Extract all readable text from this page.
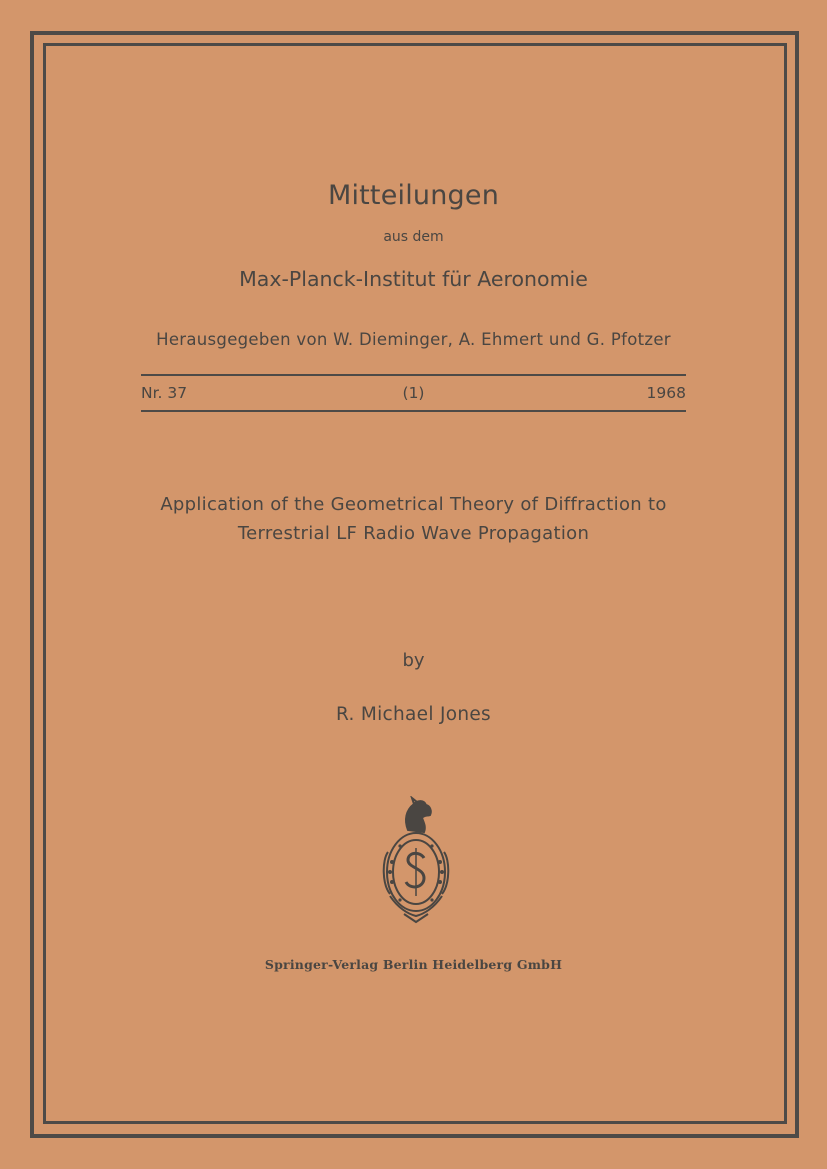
Mitteilungen
aus dem
Max-Planck-Institut für Aeronomie
Herausgegeben von W. Dieminger, A. Ehmert und G. Pfotzer
Nr. 37	(1)	1968
Application of the Geometrical Theory of Diffraction to
Terrestrial LF Radio Wave Propagation
by
R. Michael Jones
Springer-Verlag Berlin Heidelberg GmbH
